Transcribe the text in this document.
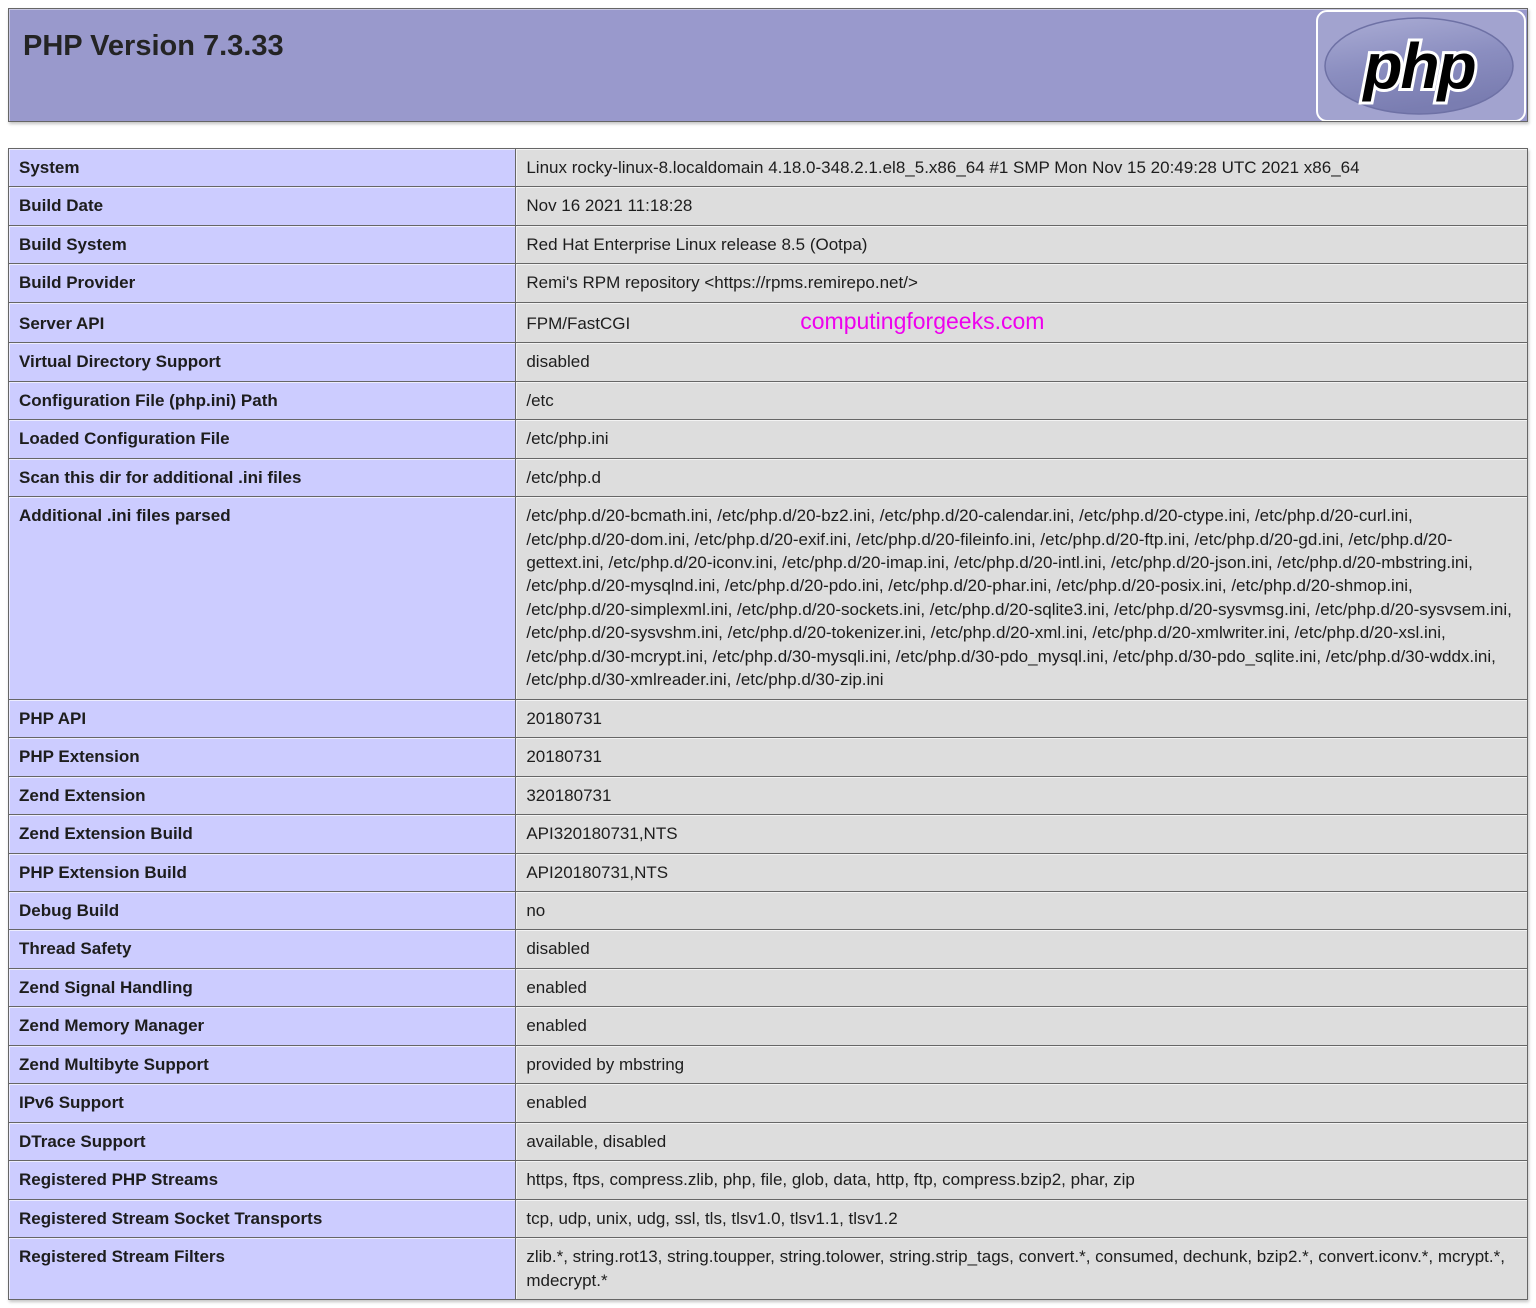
PHP Version 7.3.33	php
System	Linux rocky-linux-8.localdomain 4.18.0-348.2.1.el8_5.x86_64 #1 SMP Mon Nov 15 20:49:28 UTC 2021 x86_64
Build Date	Nov 16 2021 11:18:28
Build System	Red Hat Enterprise Linux release 8.5 (Ootpa)
Build Provider	Remi's RPM repository <https://rpms.remirepo.net/>
Server API	FPM/FastCGI computingforgeeks.com
Virtual Directory Support	disabled
Configuration File (php.ini) Path	/etc
Loaded Configuration File	/etc/php.ini
Scan this dir for additional .ini files	/etc/php.d
Additional .ini files parsed	/etc/php.d/20-bcmath.ini, /etc/php.d/20-bz2.ini, /etc/php.d/20-calendar.ini, /etc/php.d/20-ctype.ini, /etc/php.d/20-curl.ini, /etc/php.d/20-dom.ini, /etc/php.d/20-exif.ini, /etc/php.d/20-fileinfo.ini, /etc/php.d/20-ftp.ini, /etc/php.d/20-gd.ini, /etc/php.d/20-gettext.ini, /etc/php.d/20-iconv.ini, /etc/php.d/20-imap.ini, /etc/php.d/20-intl.ini, /etc/php.d/20-json.ini, /etc/php.d/20-mbstring.ini, /etc/php.d/20-mysqlnd.ini, /etc/php.d/20-pdo.ini, /etc/php.d/20-phar.ini, /etc/php.d/20-posix.ini, /etc/php.d/20-shmop.ini, /etc/php.d/20-simplexml.ini, /etc/php.d/20-sockets.ini, /etc/php.d/20-sqlite3.ini, /etc/php.d/20-sysvmsg.ini, /etc/php.d/20-sysvsem.ini, /etc/php.d/20-sysvshm.ini, /etc/php.d/20-tokenizer.ini, /etc/php.d/20-xml.ini, /etc/php.d/20-xmlwriter.ini, /etc/php.d/20-xsl.ini, /etc/php.d/30-mcrypt.ini, /etc/php.d/30-mysqli.ini, /etc/php.d/30-pdo_mysql.ini, /etc/php.d/30-pdo_sqlite.ini, /etc/php.d/30-wddx.ini, /etc/php.d/30-xmlreader.ini, /etc/php.d/30-zip.ini
PHP API	20180731
PHP Extension	20180731
Zend Extension	320180731
Zend Extension Build	API320180731,NTS
PHP Extension Build	API20180731,NTS
Debug Build	no
Thread Safety	disabled
Zend Signal Handling	enabled
Zend Memory Manager	enabled
Zend Multibyte Support	provided by mbstring
IPv6 Support	enabled
DTrace Support	available, disabled
Registered PHP Streams	https, ftps, compress.zlib, php, file, glob, data, http, ftp, compress.bzip2, phar, zip
Registered Stream Socket Transports	tcp, udp, unix, udg, ssl, tls, tlsv1.0, tlsv1.1, tlsv1.2
Registered Stream Filters	zlib.*, string.rot13, string.toupper, string.tolower, string.strip_tags, convert.*, consumed, dechunk, bzip2.*, convert.iconv.*, mcrypt.*, mdecrypt.*
